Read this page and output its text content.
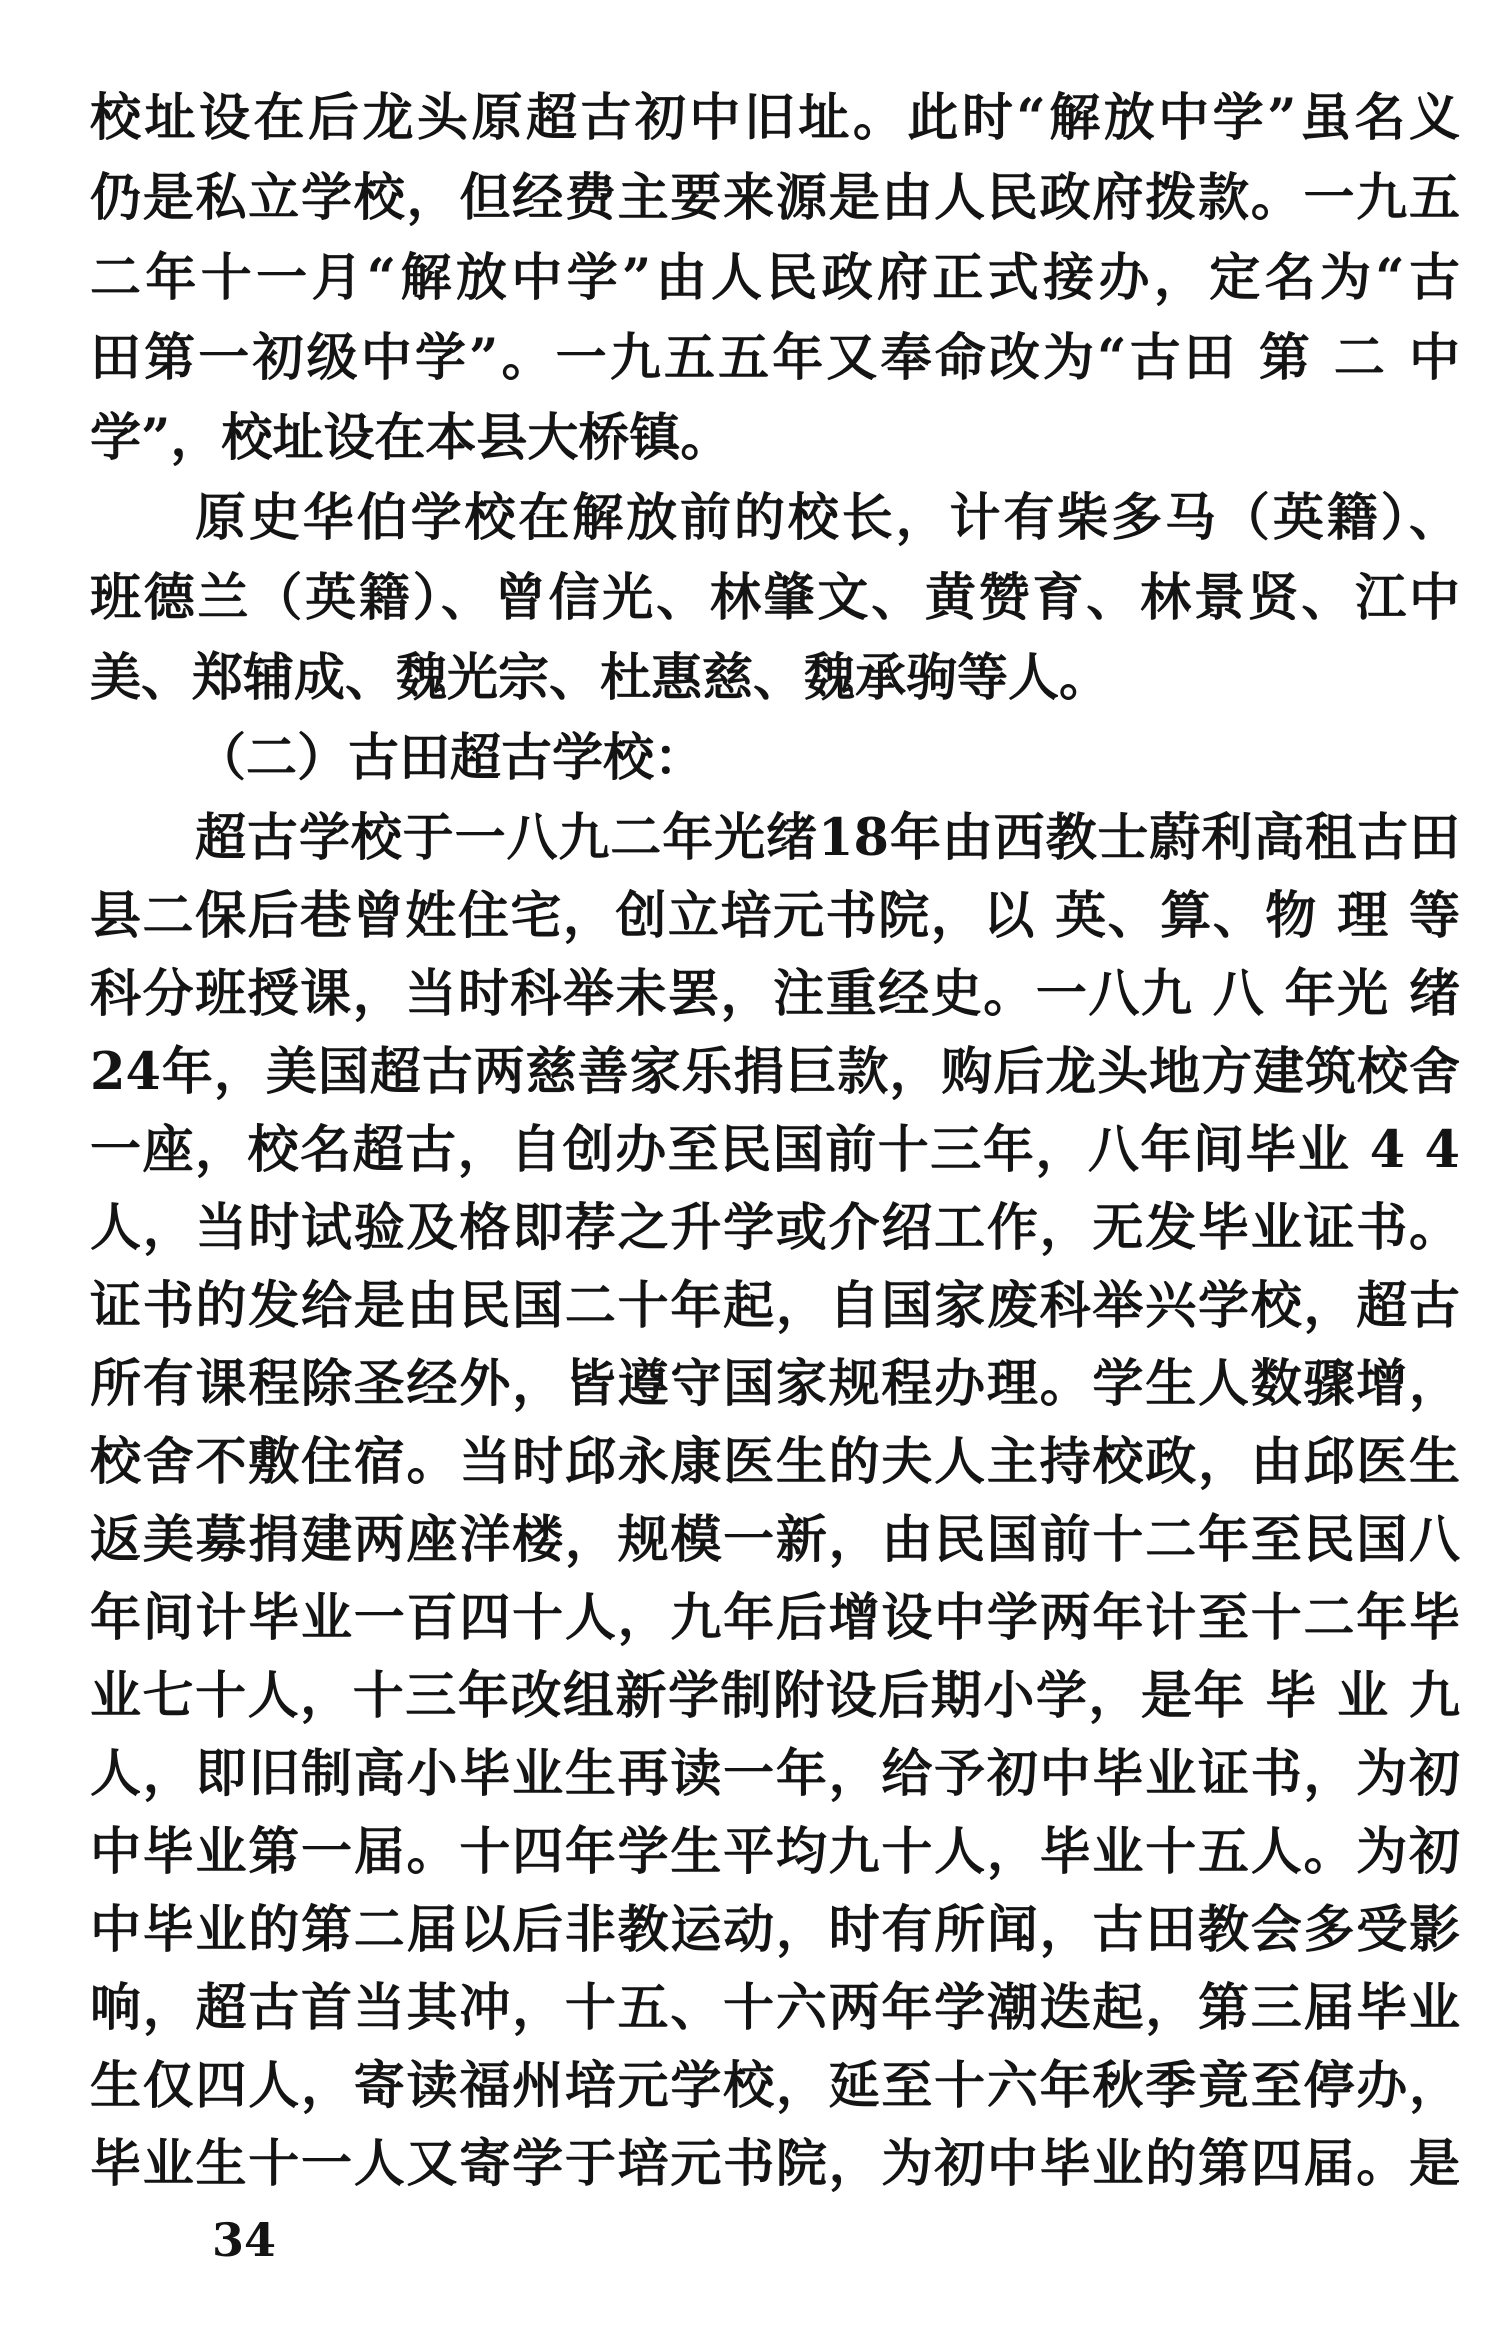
校址设在后龙头原超古初中旧址。此时“解放中学”虽名义
仍是私立学校，但经费主要来源是由人民政府拨款。一九五
二年十一月“解放中学”由人民政府正式接办，定名为“古
田第一初级中学”。一九五五年又奉命改为“古田 第 二 中
学”，校址设在本县大桥镇。
原史华伯学校在解放前的校长，计有柴多马（英籍）、
班德兰（英籍）、曾信光、林肇文、黄赞育、林景贤、江中
美、郑辅成、魏光宗、杜惠慈、魏承驹等人。
（二）古田超古学校：
超古学校于一八九二年光绪18年由西教士蔚利高租古田
县二保后巷曾姓住宅，创立培元书院，以 英、算、物 理 等
科分班授课，当时科举未罢，注重经史。一八九 八 年光 绪
24年，美国超古两慈善家乐捐巨款，购后龙头地方建筑校舍
一座，校名超古，自创办至民国前十三年，八年间毕业 4 4
人，当时试验及格即荐之升学或介绍工作，无发毕业证书。
证书的发给是由民国二十年起，自国家废科举兴学校，超古
所有课程除圣经外，皆遵守国家规程办理。学生人数骤增，
校舍不敷住宿。当时邱永康医生的夫人主持校政，由邱医生
返美募捐建两座洋楼，规模一新，由民国前十二年至民国八
年间计毕业一百四十人，九年后增设中学两年计至十二年毕
业七十人，十三年改组新学制附设后期小学，是年 毕 业 九
人，即旧制高小毕业生再读一年，给予初中毕业证书，为初
中毕业第一届。十四年学生平均九十人，毕业十五人。为初
中毕业的第二届以后非教运动，时有所闻，古田教会多受影
响，超古首当其冲，十五、十六两年学潮迭起，第三届毕业
生仅四人，寄读福州培元学校，延至十六年秋季竟至停办，
毕业生十一人又寄学于培元书院，为初中毕业的第四届。是
34
